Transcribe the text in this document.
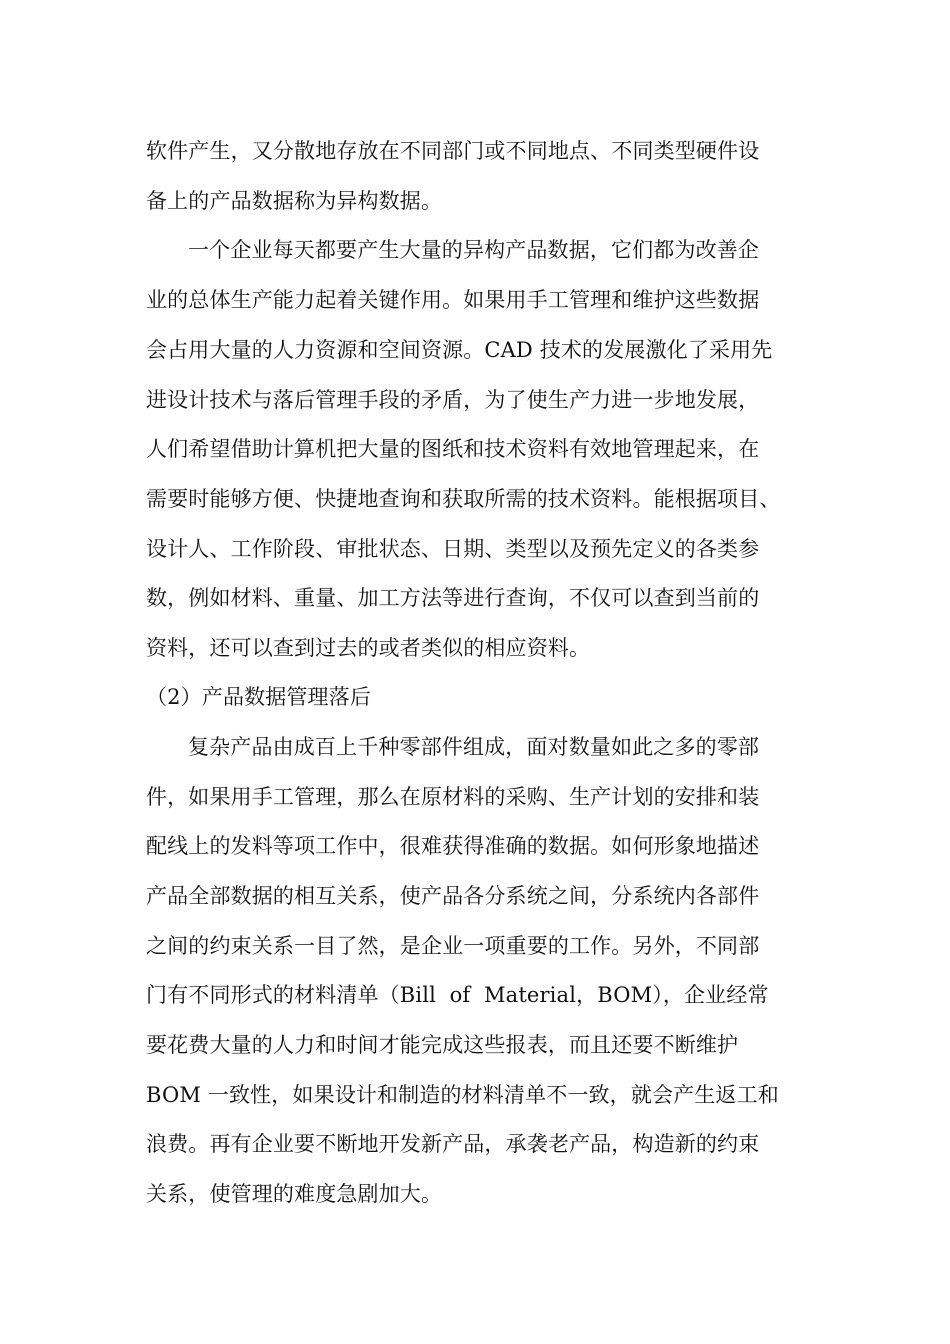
软件产生，又分散地存放在不同部门或不同地点、不同类型硬件设
备上的产品数据称为异构数据。
一个企业每天都要产生大量的异构产品数据，它们都为改善企
业的总体生产能力起着关键作用。如果用手工管理和维护这些数据
会占用大量的人力资源和空间资源。CAD 技术的发展激化了采用先
进设计技术与落后管理手段的矛盾，为了使生产力进一步地发展，
人们希望借助计算机把大量的图纸和技术资料有效地管理起来，在
需要时能够方便、快捷地查询和获取所需的技术资料。能根据项目、
设计人、工作阶段、审批状态、日期、类型以及预先定义的各类参
数，例如材料、重量、加工方法等进行查询，不仅可以查到当前的
资料，还可以查到过去的或者类似的相应资料。
（2）产品数据管理落后
复杂产品由成百上千种零部件组成，面对数量如此之多的零部
件，如果用手工管理，那么在原材料的采购、生产计划的安排和装
配线上的发料等项工作中，很难获得准确的数据。如何形象地描述
产品全部数据的相互关系，使产品各分系统之间，分系统内各部件
之间的约束关系一目了然，是企业一项重要的工作。另外，不同部
门有不同形式的材料清单（Bill  of  Material，BOM），企业经常
要花费大量的人力和时间才能完成这些报表，而且还要不断维护
BOM 一致性，如果设计和制造的材料清单不一致，就会产生返工和
浪费。再有企业要不断地开发新产品，承袭老产品，构造新的约束
关系，使管理的难度急剧加大。
